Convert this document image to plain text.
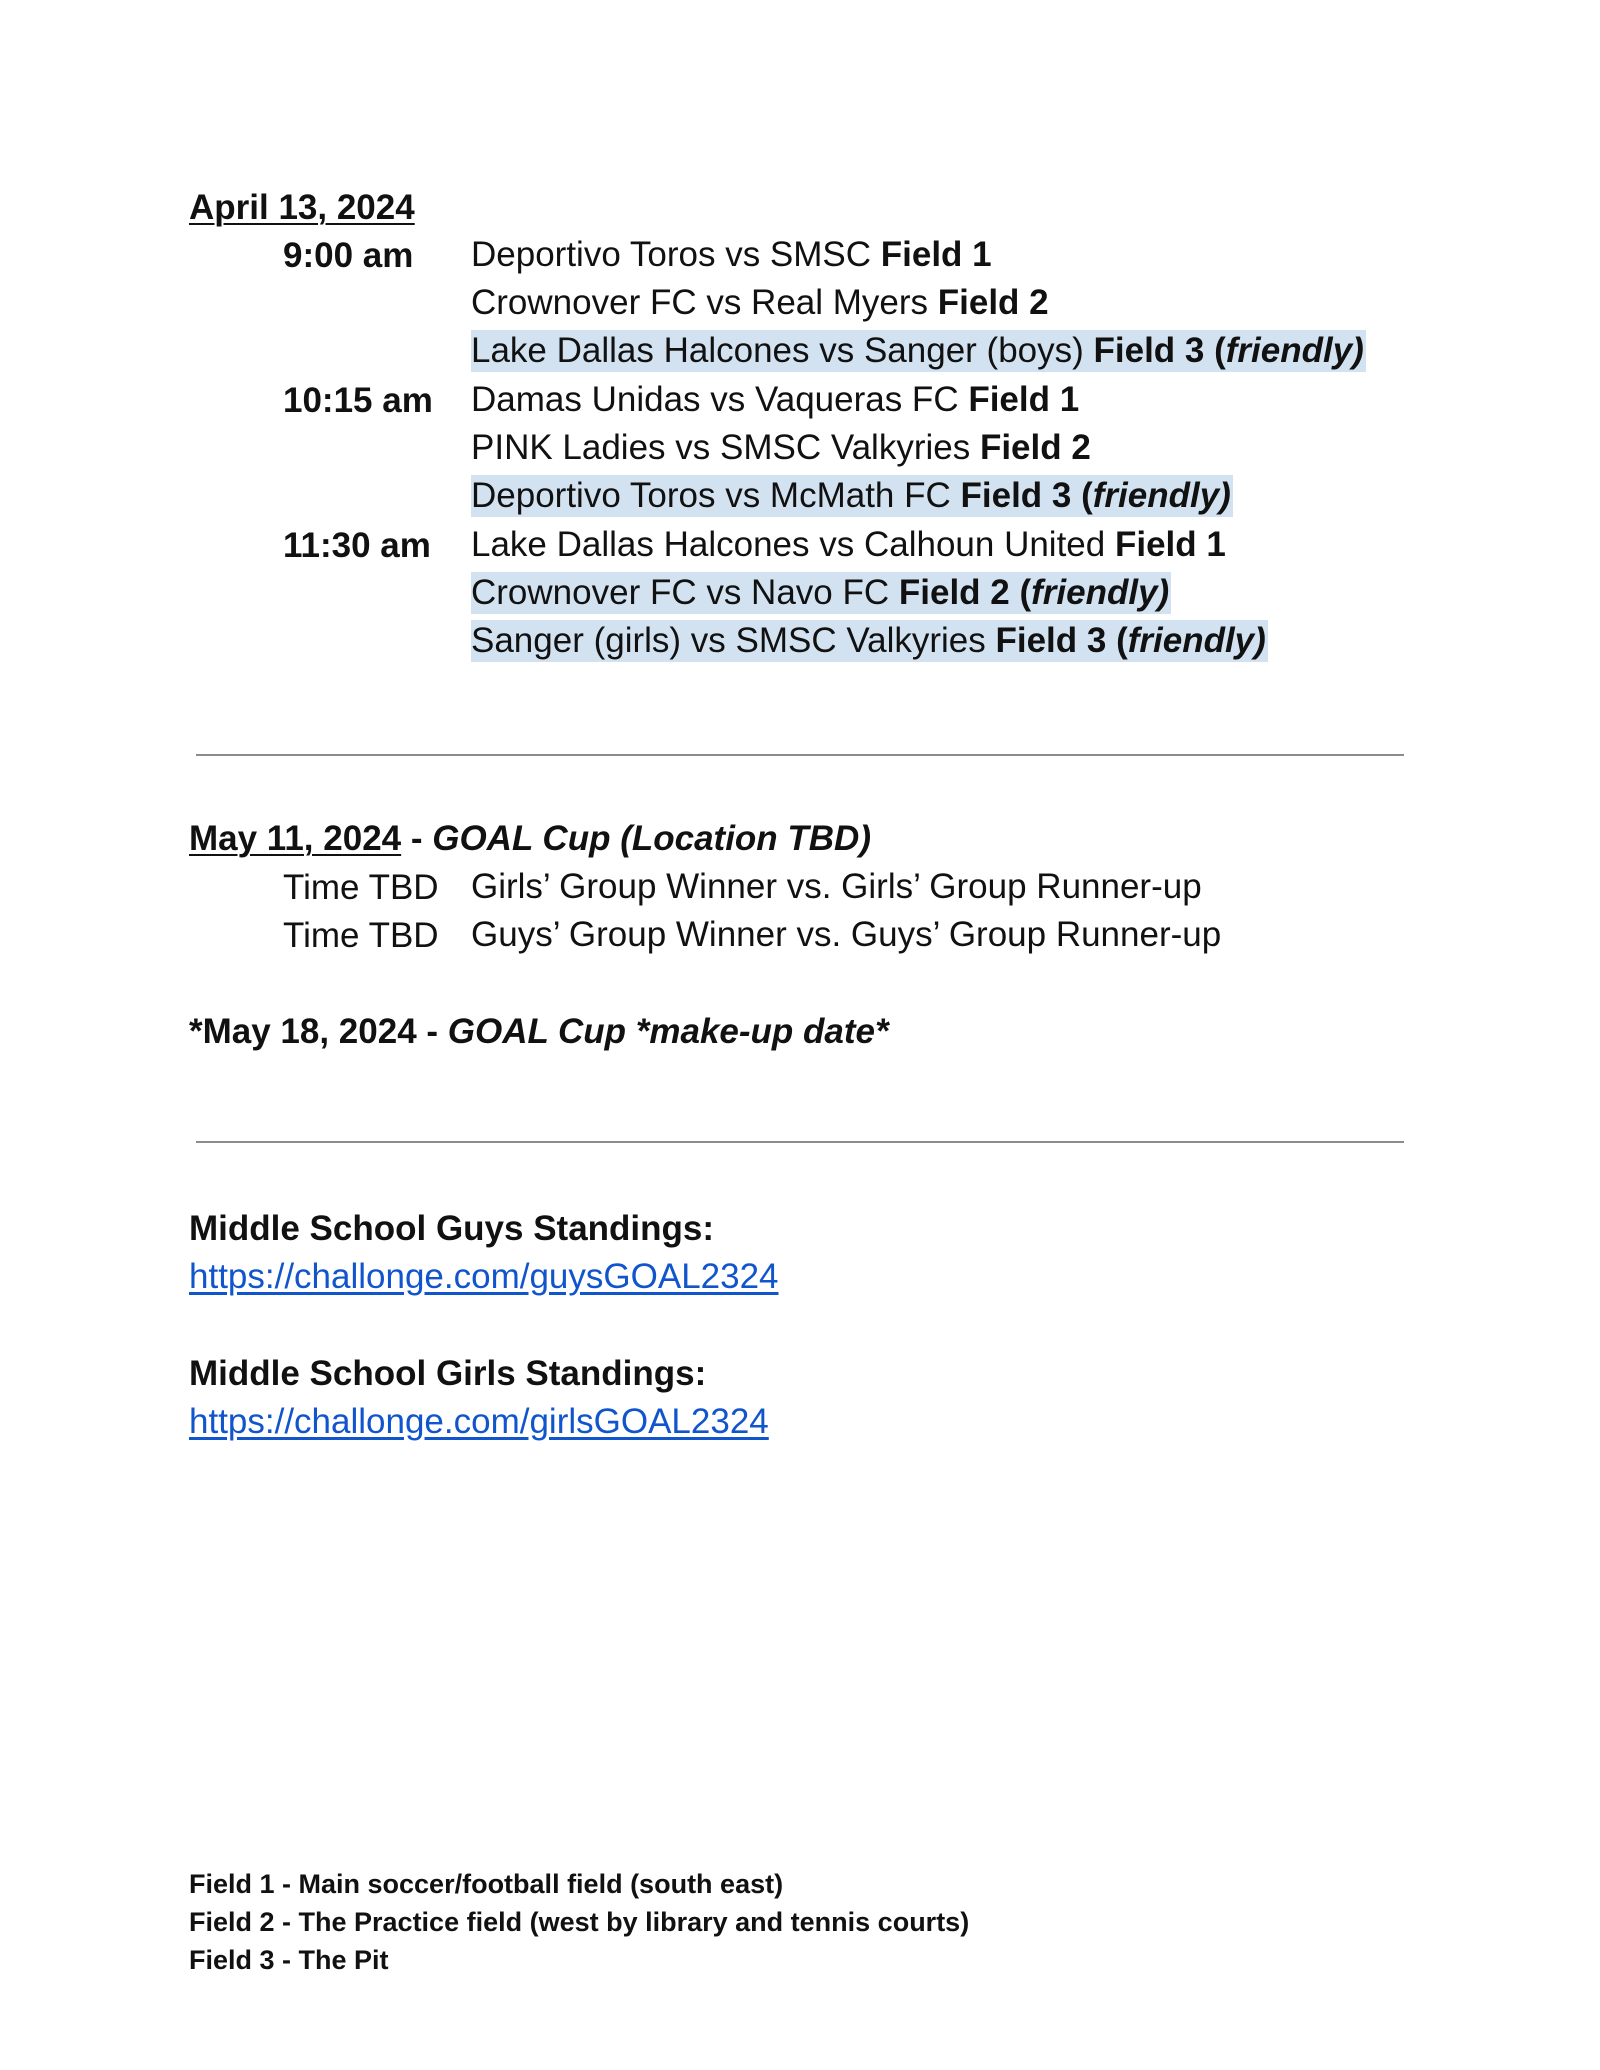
April 13, 2024
9:00 am Deportivo Toros vs SMSC Field 1
Crownover FC vs Real Myers Field 2
Lake Dallas Halcones vs Sanger (boys) Field 3 (friendly)
10:15 am Damas Unidas vs Vaqueras FC Field 1
PINK Ladies vs SMSC Valkyries Field 2
Deportivo Toros vs McMath FC Field 3 (friendly)
11:30 am Lake Dallas Halcones vs Calhoun United Field 1
Crownover FC vs Navo FC Field 2 (friendly)
Sanger (girls) vs SMSC Valkyries Field 3 (friendly)
May 11, 2024 - GOAL Cup (Location TBD)
Time TBD Girls’ Group Winner vs. Girls’ Group Runner-up
Time TBD Guys’ Group Winner vs. Guys’ Group Runner-up
*May 18, 2024 - GOAL Cup *make-up date*
Middle School Guys Standings:
https://challonge.com/guysGOAL2324
Middle School Girls Standings:
https://challonge.com/girlsGOAL2324
Field 1 - Main soccer/football field (south east)
Field 2 - The Practice field (west by library and tennis courts)
Field 3 - The Pit
